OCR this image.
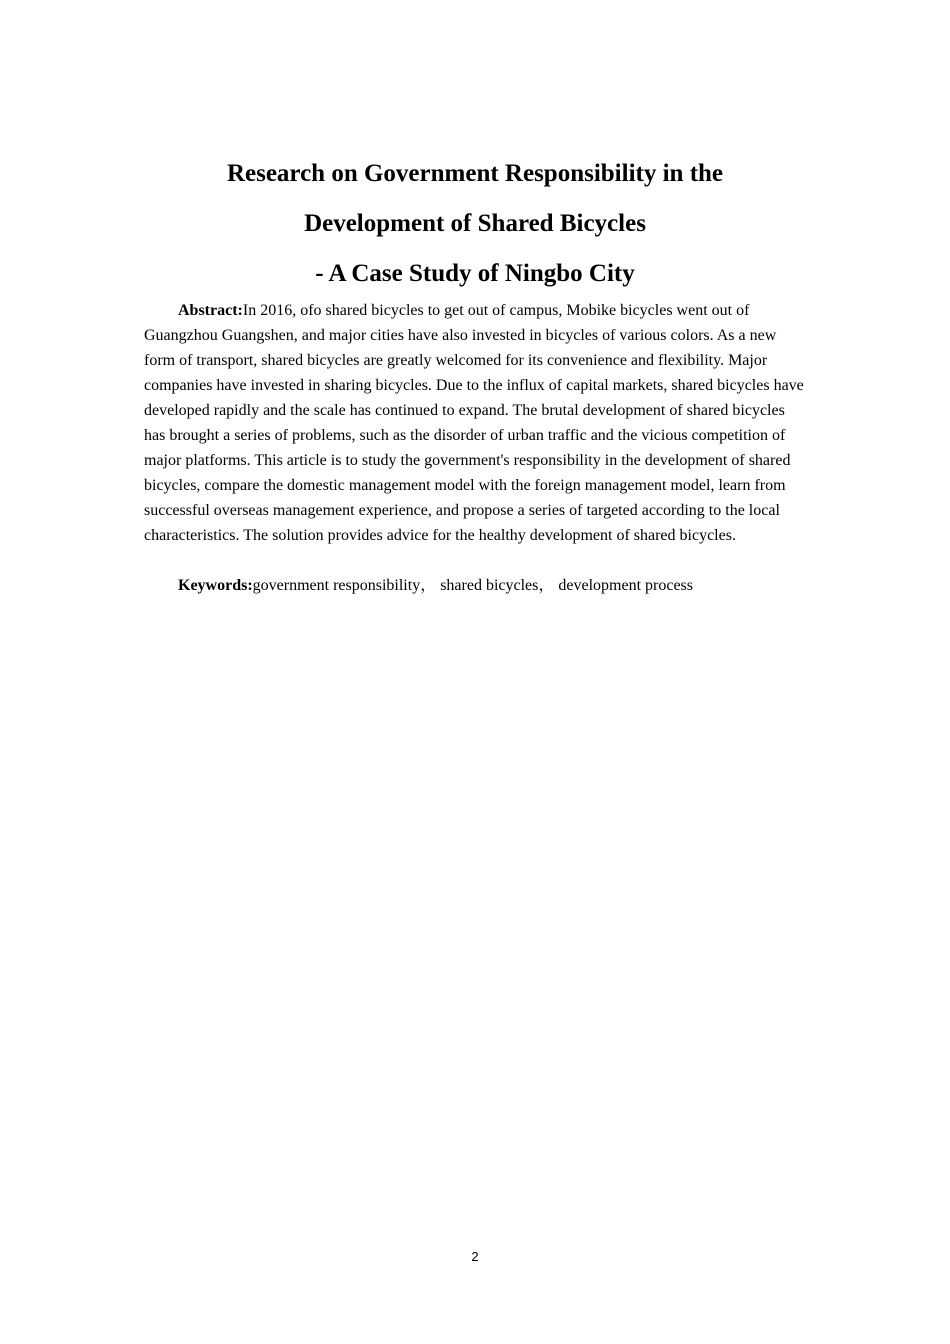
Research on Government Responsibility in the
Development of Shared Bicycles
- A Case Study of Ningbo City

Abstract:In 2016, ofo shared bicycles to get out of campus, Mobike bicycles went out of Guangzhou Guangshen, and major cities have also invested in bicycles of various colors. As a new form of transport, shared bicycles are greatly welcomed for its convenience and flexibility. Major companies have invested in sharing bicycles. Due to the influx of capital markets, shared bicycles have developed rapidly and the scale has continued to expand. The brutal development of shared bicycles has brought a series of problems, such as the disorder of urban traffic and the vicious competition of major platforms. This article is to study the government's responsibility in the development of shared bicycles, compare the domestic management model with the foreign management model, learn from successful overseas management experience, and propose a series of targeted according to the local characteristics. The solution provides advice for the healthy development of shared bicycles.

Keywords:government responsibility， shared bicycles， development process

2
